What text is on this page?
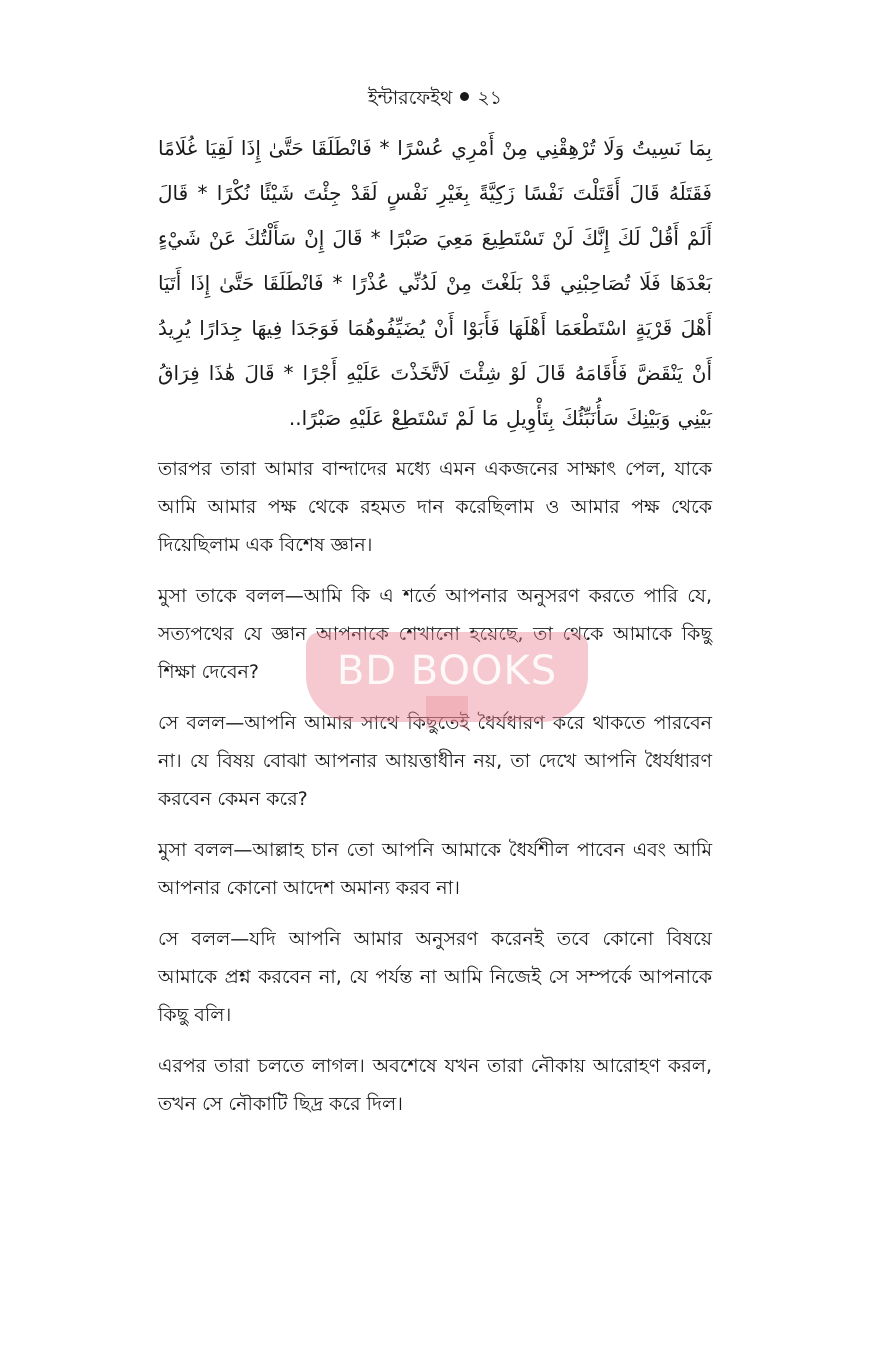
ইন্টারফেইথ ২১
بِمَا نَسِيتُ وَلَا تُرْهِقْنِي مِنْ أَمْرِي عُسْرًا * فَانْطَلَقَا حَتَّىٰ إِذَا لَقِيَا غُلَامًا فَقَتَلَهُ قَالَ أَقَتَلْتَ نَفْسًا زَكِيَّةً بِغَيْرِ نَفْسٍ لَقَدْ جِئْتَ شَيْئًا نُكْرًا * قَالَ أَلَمْ أَقُلْ لَكَ إِنَّكَ لَنْ تَسْتَطِيعَ مَعِيَ صَبْرًا * قَالَ إِنْ سَأَلْتُكَ عَنْ شَيْءٍ بَعْدَهَا فَلَا تُصَاحِبْنِي قَدْ بَلَغْتَ مِنْ لَدُنِّي عُذْرًا * فَانْطَلَقَا حَتَّىٰ إِذَا أَتَيَا أَهْلَ قَرْيَةٍ اسْتَطْعَمَا أَهْلَهَا فَأَبَوْا أَنْ يُضَيِّفُوهُمَا فَوَجَدَا فِيهَا جِدَارًا يُرِيدُ أَنْ يَنْقَضَّ فَأَقَامَهُ قَالَ لَوْ شِئْتَ لَاتَّخَذْتَ عَلَيْهِ أَجْرًا * قَالَ هَٰذَا فِرَاقُ بَيْنِي وَبَيْنِكَ سَأُنَبِّئُكَ بِتَأْوِيلِ مَا لَمْ تَسْتَطِعْ عَلَيْهِ صَبْرًا..

তারপর তারা আমার বান্দাদের মধ্যে এমন একজনের সাক্ষাৎ পেল, যাকে আমি আমার পক্ষ থেকে রহমত দান করেছিলাম ও আমার পক্ষ থেকে দিয়েছিলাম এক বিশেষ জ্ঞান।

মুসা তাকে বলল—আমি কি এ শর্তে আপনার অনুসরণ করতে পারি যে, সত্যপথের যে জ্ঞান আপনাকে শেখানো হয়েছে, তা থেকে আমাকে কিছু শিক্ষা দেবেন?

সে বলল—আপনি আমার সাথে কিছুতেই ধৈর্যধারণ করে থাকতে পারবেন না। যে বিষয় বোঝা আপনার আয়ত্তাধীন নয়, তা দেখে আপনি ধৈর্যধারণ করবেন কেমন করে?

মুসা বলল—আল্লাহ চান তো আপনি আমাকে ধৈর্যশীল পাবেন এবং আমি আপনার কোনো আদেশ অমান্য করব না।

সে বলল—যদি আপনি আমার অনুসরণ করেনই তবে কোনো বিষয়ে আমাকে প্রশ্ন করবেন না, যে পর্যন্ত না আমি নিজেই সে সম্পর্কে আপনাকে কিছু বলি।

এরপর তারা চলতে লাগল। অবশেষে যখন তারা নৌকায় আরোহণ করল, তখন সে নৌকাটি ছিদ্র করে দিল।

BD BOOKS
